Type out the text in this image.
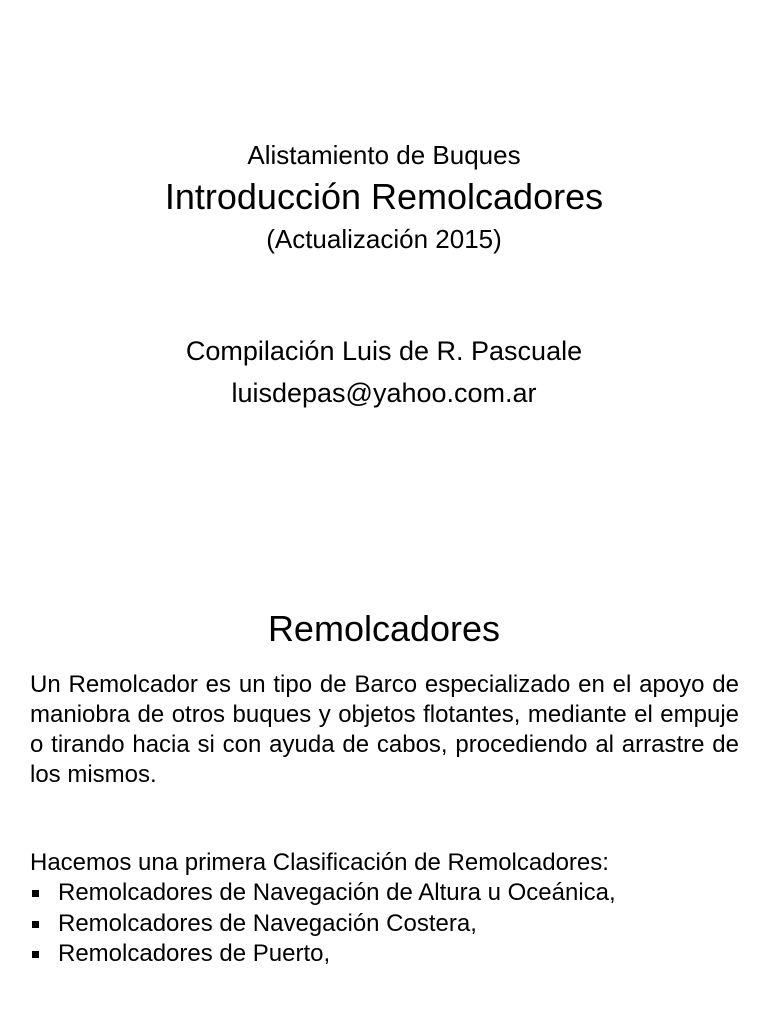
Alistamiento de Buques
Introducción Remolcadores
(Actualización 2015)
Compilación Luis de R. Pascuale
luisdepas@yahoo.com.ar
Remolcadores

Un Remolcador es un tipo de Barco especializado en el apoyo de maniobra de otros buques y objetos flotantes, mediante el empuje o tirando hacia si con ayuda de cabos, procediendo al arrastre de los mismos.

Hacemos una primera Clasificación de Remolcadores:

Remolcadores de Navegación de Altura u Oceánica,
Remolcadores de Navegación Costera,
Remolcadores de Puerto,
